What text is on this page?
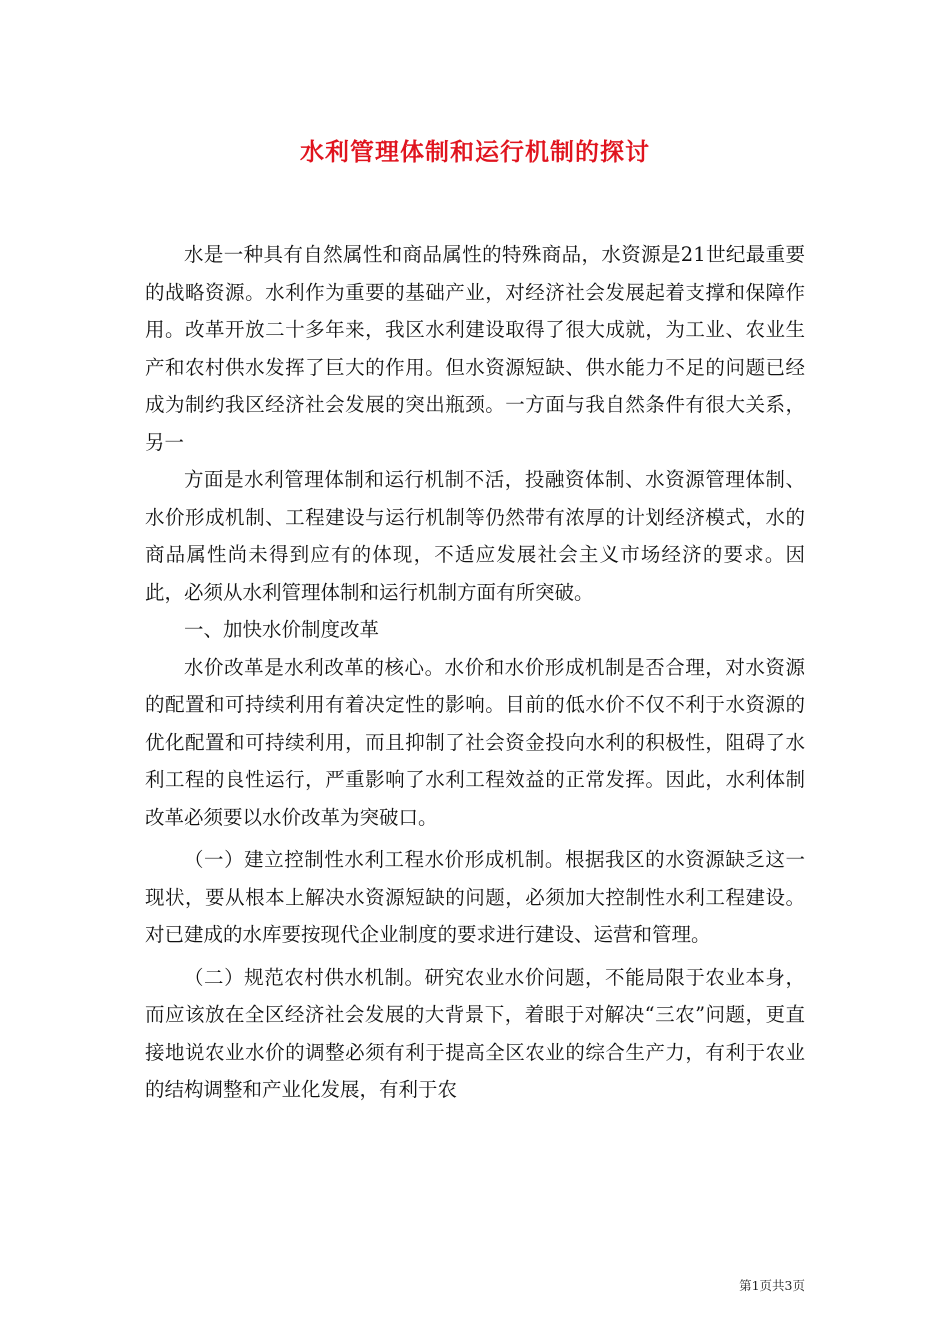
水利管理体制和运行机制的探讨

水是一种具有自然属性和商品属性的特殊商品，水资源是21世纪最重要的战略资源。水利作为重要的基础产业，对经济社会发展起着支撑和保障作用。改革开放二十多年来，我区水利建设取得了很大成就，为工业、农业生产和农村供水发挥了巨大的作用。但水资源短缺、供水能力不足的问题已经成为制约我区经济社会发展的突出瓶颈。一方面与我自然条件有很大关系，另一

方面是水利管理体制和运行机制不活，投融资体制、水资源管理体制、水价形成机制、工程建设与运行机制等仍然带有浓厚的计划经济模式，水的商品属性尚未得到应有的体现，不适应发展社会主义市场经济的要求。因此，必须从水利管理体制和运行机制方面有所突破。

一、加快水价制度改革

水价改革是水利改革的核心。水价和水价形成机制是否合理，对水资源的配置和可持续利用有着决定性的影响。目前的低水价不仅不利于水资源的优化配置和可持续利用，而且抑制了社会资金投向水利的积极性，阻碍了水利工程的良性运行，严重影响了水利工程效益的正常发挥。因此，水利体制改革必须要以水价改革为突破口。

（一）建立控制性水利工程水价形成机制。根据我区的水资源缺乏这一现状，要从根本上解决水资源短缺的问题，必须加大控制性水利工程建设。对已建成的水库要按现代企业制度的要求进行建设、运营和管理。

（二）规范农村供水机制。研究农业水价问题，不能局限于农业本身，而应该放在全区经济社会发展的大背景下，着眼于对解决“三农”问题，更直接地说农业水价的调整必须有利于提高全区农业的综合生产力，有利于农业的结构调整和产业化发展，有利于农

第1页共3页
